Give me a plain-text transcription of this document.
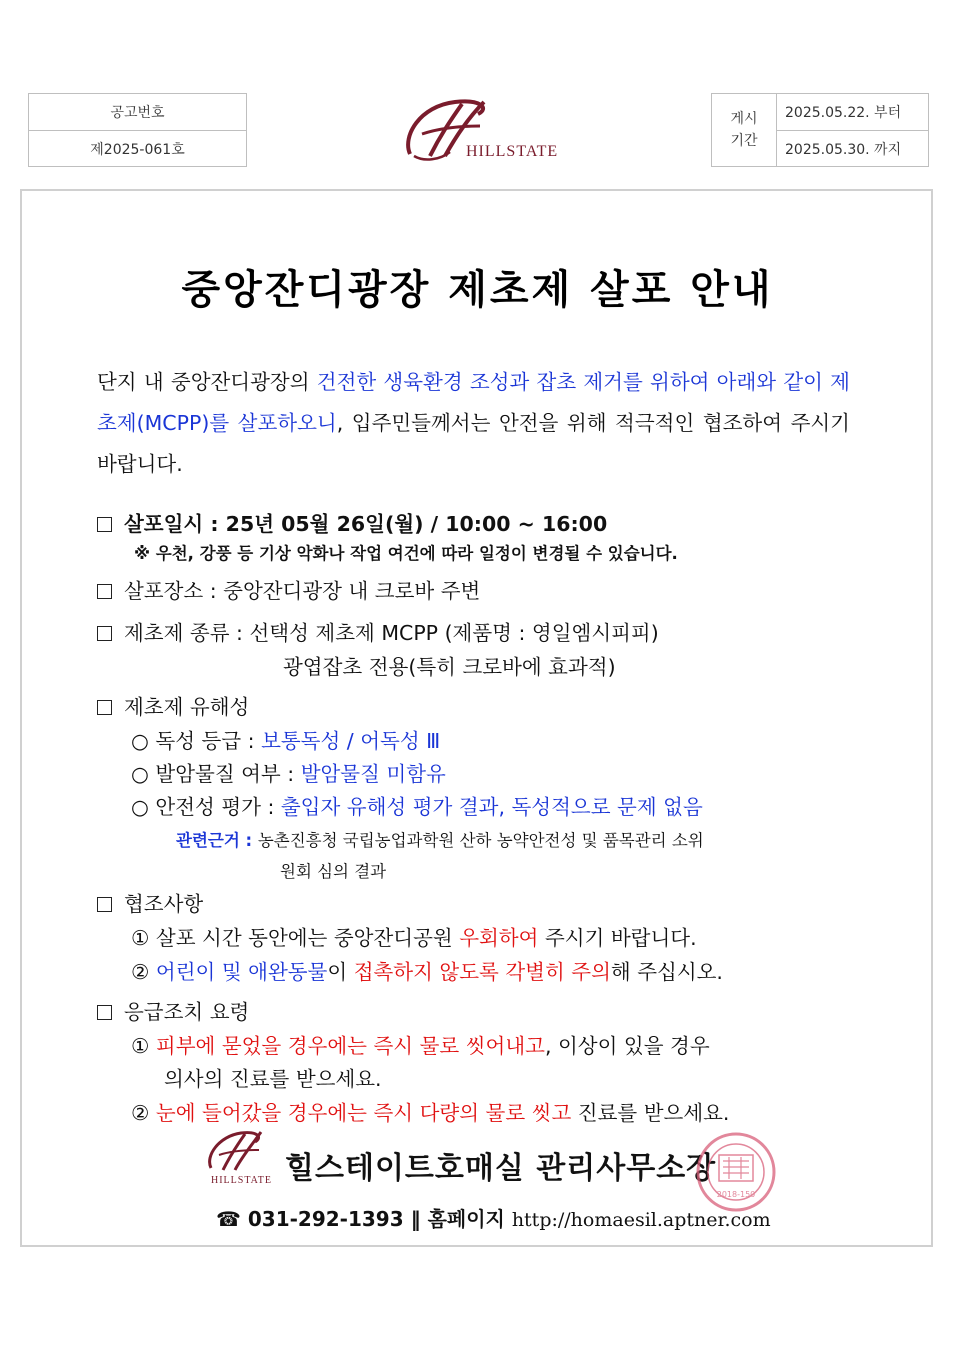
공고번호
제2025-061호	HILLSTATE
게시
기간
2025.05.22. 부터
2025.05.30. 까지
중앙잔디광장 제초제 살포 안내
단지 내 중앙잔디광장의 건전한 생육환경 조성과 잡초 제거를 위하여 아래와 같이 제초제(MCPP)를 살포하오니, 입주민들께서는 안전을 위해 적극적인 협조하여 주시기 바랍니다.
살포일시 : 25년 05월 26일(월) / 10:00 ~ 16:00
※ 우천, 강풍 등 기상 악화나 작업 여건에 따라 일정이 변경될 수 있습니다.
살포장소 : 중앙잔디광장 내 크로바 주변
제초제 종류 : 선택성 제초제 MCPP (제품명 : 영일엠시피피)
광엽잡초 전용(특히 크로바에 효과적)
제초제 유해성
○ 독성 등급 : 보통독성 / 어독성 Ⅲ
○ 발암물질 여부 : 발암물질 미함유
○ 안전성 평가 : 출입자 유해성 평가 결과, 독성적으로 문제 없음
관련근거 : 농촌진흥청 국립농업과학원 산하 농약안전성 및 품목관리 소위
원회 심의 결과
협조사항
① 살포 시간 동안에는 중앙잔디공원 우회하여 주시기 바랍니다.
② 어린이 및 애완동물이 접촉하지 않도록 각별히 주의해 주십시오.
응급조치 요령
① 피부에 묻었을 경우에는 즉시 물로 씻어내고, 이상이 있을 경우
의사의 진료를 받으세요.
② 눈에 들어갔을 경우에는 즉시 다량의 물로 씻고 진료를 받으세요.
HILLSTATE 힐스테이트호매실 관리사무소장
2018-150
☎ 031-292-1393 ‖ 홈페이지 http://homaesil.aptner.com
